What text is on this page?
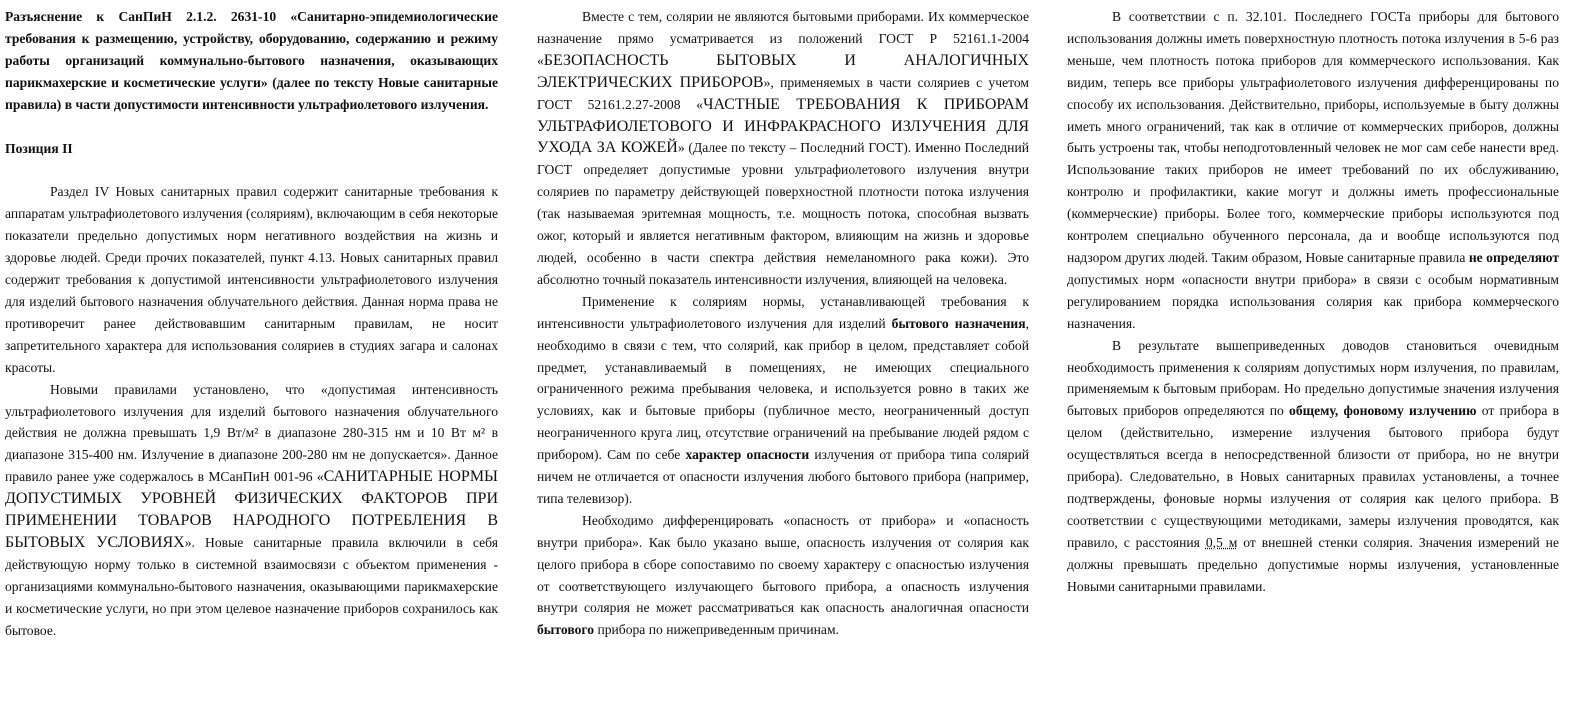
Разъяснение к СанПиН 2.1.2. 2631-10 «Санитарно-эпидемиологические требования к размещению, устройству, оборудованию, содержанию и режиму работы организаций коммунально-бытового назначения, оказывающих парикмахерские и косметические услуги» (далее по тексту Новые санитарные правила) в части допустимости интенсивности ультрафиолетового излучения.

Позиция II

Раздел IV Новых санитарных правил содержит санитарные требования к аппаратам ультрафиолетового излучения (соляриям), включающим в себя некоторые показатели предельно допустимых норм негативного воздействия на жизнь и здоровье людей. Среди прочих показателей, пункт 4.13. Новых санитарных правил содержит требования к допустимой интенсивности ультрафиолетового излучения для изделий бытового назначения облучательного действия. Данная норма права не противоречит ранее действовавшим санитарным правилам, не носит запретительного характера для использования соляриев в студиях загара и салонах красоты.

Новыми правилами установлено, что «допустимая интенсивность ультрафиолетового излучения для изделий бытового назначения облучательного действия не должна превышать 1,9 Вт/м² в диапазоне 280-315 нм и 10 Вт м² в диапазоне 315-400 нм. Излучение в диапазоне 200-280 нм не допускается». Данное правило ранее уже содержалось в МСанПиН 001-96 «САНИТАРНЫЕ НОРМЫ ДОПУСТИМЫХ УРОВНЕЙ ФИЗИЧЕСКИХ ФАКТОРОВ ПРИ ПРИМЕНЕНИИ ТОВАРОВ НАРОДНОГО ПОТРЕБЛЕНИЯ В БЫТОВЫХ УСЛОВИЯХ». Новые санитарные правила включили в себя действующую норму только в системной взаимосвязи с объектом применения - организациями коммунально-бытового назначения, оказывающими парикмахерские и косметические услуги, но при этом целевое назначение приборов сохранилось как бытовое.

Вместе с тем, солярии не являются бытовыми приборами. Их коммерческое назначение прямо усматривается из положений ГОСТ Р 52161.1-2004 «БЕЗОПАСНОСТЬ БЫТОВЫХ И АНАЛОГИЧНЫХ ЭЛЕКТРИЧЕСКИХ ПРИБОРОВ», применяемых в части соляриев с учетом ГОСТ 52161.2.27-2008 «ЧАСТНЫЕ ТРЕБОВАНИЯ К ПРИБОРАМ УЛЬТРАФИОЛЕТОВОГО И ИНФРАКРАСНОГО ИЗЛУЧЕНИЯ ДЛЯ УХОДА ЗА КОЖЕЙ» (Далее по тексту – Последний ГОСТ). Именно Последний ГОСТ определяет допустимые уровни ультрафиолетового излучения внутри соляриев по параметру действующей поверхностной плотности потока излучения (так называемая эритемная мощность, т.е. мощность потока, способная вызвать ожог, который и является негативным фактором, влияющим на жизнь и здоровье людей, особенно в части спектра действия немеланомного рака кожи). Это абсолютно точный показатель интенсивности излучения, влияющей на человека.

Применение к соляриям нормы, устанавливающей требования к интенсивности ультрафиолетового излучения для изделий бытового назначения, необходимо в связи с тем, что солярий, как прибор в целом, представляет собой предмет, устанавливаемый в помещениях, не имеющих специального ограниченного режима пребывания человека, и используется ровно в таких же условиях, как и бытовые приборы (публичное место, неограниченный доступ неограниченного круга лиц, отсутствие ограничений на пребывание людей рядом с прибором). Сам по себе характер опасности излучения от прибора типа солярий ничем не отличается от опасности излучения любого бытового прибора (например, типа телевизор).

Необходимо дифференцировать «опасность от прибора» и «опасность внутри прибора». Как было указано выше, опасность излучения от солярия как целого прибора в сборе сопоставимо по своему характеру с опасностью излучения от соответствующего излучающего бытового прибора, а опасность излучения внутри солярия не может рассматриваться как опасность аналогичная опасности бытового прибора по нижеприведенным причинам.

В соответствии с п. 32.101. Последнего ГОСТа приборы для бытового использования должны иметь поверхностную плотность потока излучения в 5-6 раз меньше, чем плотность потока приборов для коммерческого использования. Как видим, теперь все приборы ультрафиолетового излучения дифференцированы по способу их использования. Действительно, приборы, используемые в быту должны иметь много ограничений, так как в отличие от коммерческих приборов, должны быть устроены так, чтобы неподготовленный человек не мог сам себе нанести вред. Использование таких приборов не имеет требований по их обслуживанию, контролю и профилактики, какие могут и должны иметь профессиональные (коммерческие) приборы. Более того, коммерческие приборы используются под контролем специально обученного персонала, да и вообще используются под надзором других людей. Таким образом, Новые санитарные правила не определяют допустимых норм «опасности внутри прибора» в связи с особым нормативным регулированием порядка использования солярия как прибора коммерческого назначения.

В результате вышеприведенных доводов становиться очевидным необходимость применения к соляриям допустимых норм излучения, по правилам, применяемым к бытовым приборам. Но предельно допустимые значения излучения бытовых приборов определяются по общему, фоновому излучению от прибора в целом (действительно, измерение излучения бытового прибора будут осуществляться всегда в непосредственной близости от прибора, но не внутри прибора). Следовательно, в Новых санитарных правилах установлены, а точнее подтверждены, фоновые нормы излучения от солярия как целого прибора. В соответствии с существующими методиками, замеры излучения проводятся, как правило, с расстояния 0,5 м от внешней стенки солярия. Значения измерений не должны превышать предельно допустимые нормы излучения, установленные Новыми санитарными правилами.
